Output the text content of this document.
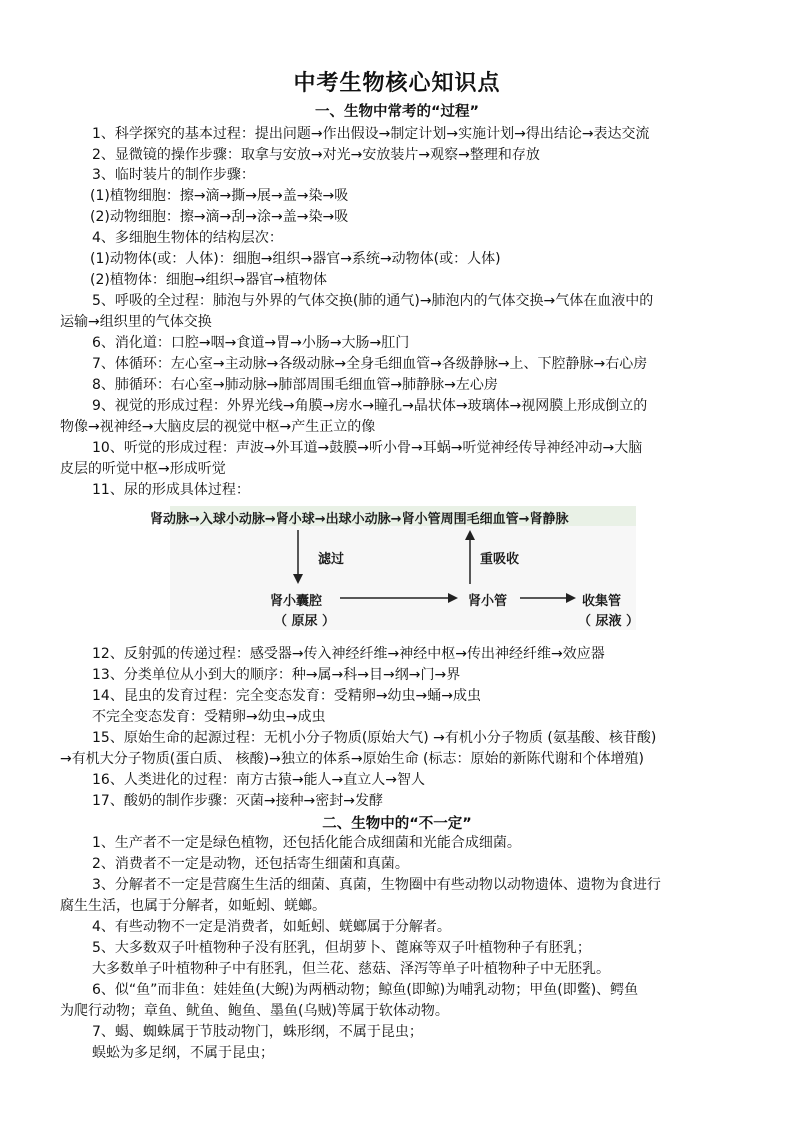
中考生物核心知识点
一、生物中常考的“过程”
1、科学探究的基本过程：提出问题→作出假设→制定计划→实施计划→得出结论→表达交流
2、显微镜的操作步骤：取拿与安放→对光→安放装片→观察→整理和存放
3、临时装片的制作步骤：
(1)植物细胞：擦→滴→撕→展→盖→染→吸
(2)动物细胞：擦→滴→刮→涂→盖→染→吸
4、多细胞生物体的结构层次：
(1)动物体(或：人体)：细胞→组织→器官→系统→动物体(或：人体)
(2)植物体：细胞→组织→器官→植物体
5、呼吸的全过程：肺泡与外界的气体交换(肺的通气)→肺泡内的气体交换→气体在血液中的
运输→组织里的气体交换
6、消化道：口腔→咽→食道→胃→小肠→大肠→肛门
7、体循环：左心室→主动脉→各级动脉→全身毛细血管→各级静脉→上、下腔静脉→右心房
8、肺循环：右心室→肺动脉→肺部周围毛细血管→肺静脉→左心房
9、视觉的形成过程：外界光线→角膜→房水→瞳孔→晶状体→玻璃体→视网膜上形成倒立的
物像→视神经→大脑皮层的视觉中枢→产生正立的像
10、听觉的形成过程：声波→外耳道→鼓膜→听小骨→耳蜗→听觉神经传导神经冲动→大脑
皮层的听觉中枢→形成听觉
11、尿的形成具体过程：
肾动脉→入球小动脉→肾小球→出球小动脉→肾小管周围毛细血管→肾静脉
滤过	重吸收
肾小囊腔
（ 原尿 ）
肾小管	收集管
（ 尿液 ）
12、反射弧的传递过程：感受器→传入神经纤维→神经中枢→传出神经纤维→效应器
13、分类单位从小到大的顺序：种→属→科→目→纲→门→界
14、昆虫的发育过程：完全变态发育：受精卵→幼虫→蛹→成虫
不完全变态发育：受精卵→幼虫→成虫
15、原始生命的起源过程：无机小分子物质(原始大气) →有机小分子物质 (氨基酸、核苷酸)
→有机大分子物质(蛋白质、 核酸)→独立的体系→原始生命 (标志：原始的新陈代谢和个体增殖)
16、人类进化的过程：南方古猿→能人→直立人→智人
17、酸奶的制作步骤：灭菌→接种→密封→发酵
二、生物中的“不一定”
1、生产者不一定是绿色植物，还包括化能合成细菌和光能合成细菌。
2、消费者不一定是动物，还包括寄生细菌和真菌。
3、分解者不一定是营腐生生活的细菌、真菌，生物圈中有些动物以动物遗体、遗物为食进行
腐生生活，也属于分解者，如蚯蚓、蜣螂。
4、有些动物不一定是消费者，如蚯蚓、蜣螂属于分解者。
5、大多数双子叶植物种子没有胚乳，但胡萝卜、蓖麻等双子叶植物种子有胚乳；
大多数单子叶植物种子中有胚乳，但兰花、慈菇、泽泻等单子叶植物种子中无胚乳。
6、似“鱼”而非鱼：娃娃鱼(大鲵)为两栖动物；鲸鱼(即鲸)为哺乳动物；甲鱼(即鳖)、鳄鱼
为爬行动物；章鱼、鱿鱼、鲍鱼、墨鱼(乌贼)等属于软体动物。
7、蝎、蜘蛛属于节肢动物门，蛛形纲，不属于昆虫；
蜈蚣为多足纲，不属于昆虫；
